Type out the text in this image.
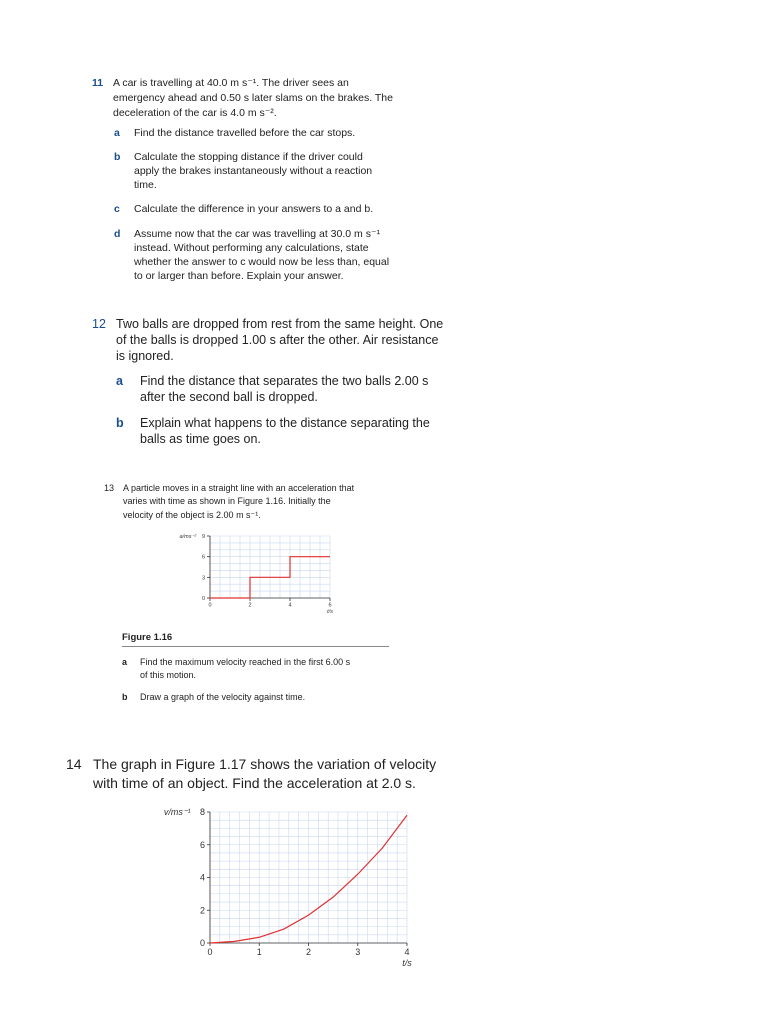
11 A car is travelling at 40.0 m s⁻¹. The driver sees an
emergency ahead and 0.50 s later slams on the brakes. The
deceleration of the car is 4.0 m s⁻².
a Find the distance travelled before the car stops.
b Calculate the stopping distance if the driver could
apply the brakes instantaneously without a reaction
time.
c Calculate the difference in your answers to a and b.
d Assume now that the car was travelling at 30.0 m s⁻¹
instead. Without performing any calculations, state
whether the answer to c would now be less than, equal
to or larger than before. Explain your answer.
12 Two balls are dropped from rest from the same height. One
of the balls is dropped 1.00 s after the other. Air resistance
is ignored.
a Find the distance that separates the two balls 2.00 s
after the second ball is dropped.
b Explain what happens to the distance separating the
balls as time goes on.
13 A particle moves in a straight line with an acceleration that
varies with time as shown in Figure 1.16. Initially the
velocity of the object is 2.00 m s⁻¹.
0	2	4	6
0
3
6
9
a/ms⁻²
t/s
Figure 1.16
a Find the maximum velocity reached in the first 6.00 s
of this motion.
b Draw a graph of the velocity against time.
14 The graph in Figure 1.17 shows the variation of velocity
with time of an object. Find the acceleration at 2.0 s.
0	1	2	3	4
0
2
4
6
8
v/ms⁻¹
t/s
